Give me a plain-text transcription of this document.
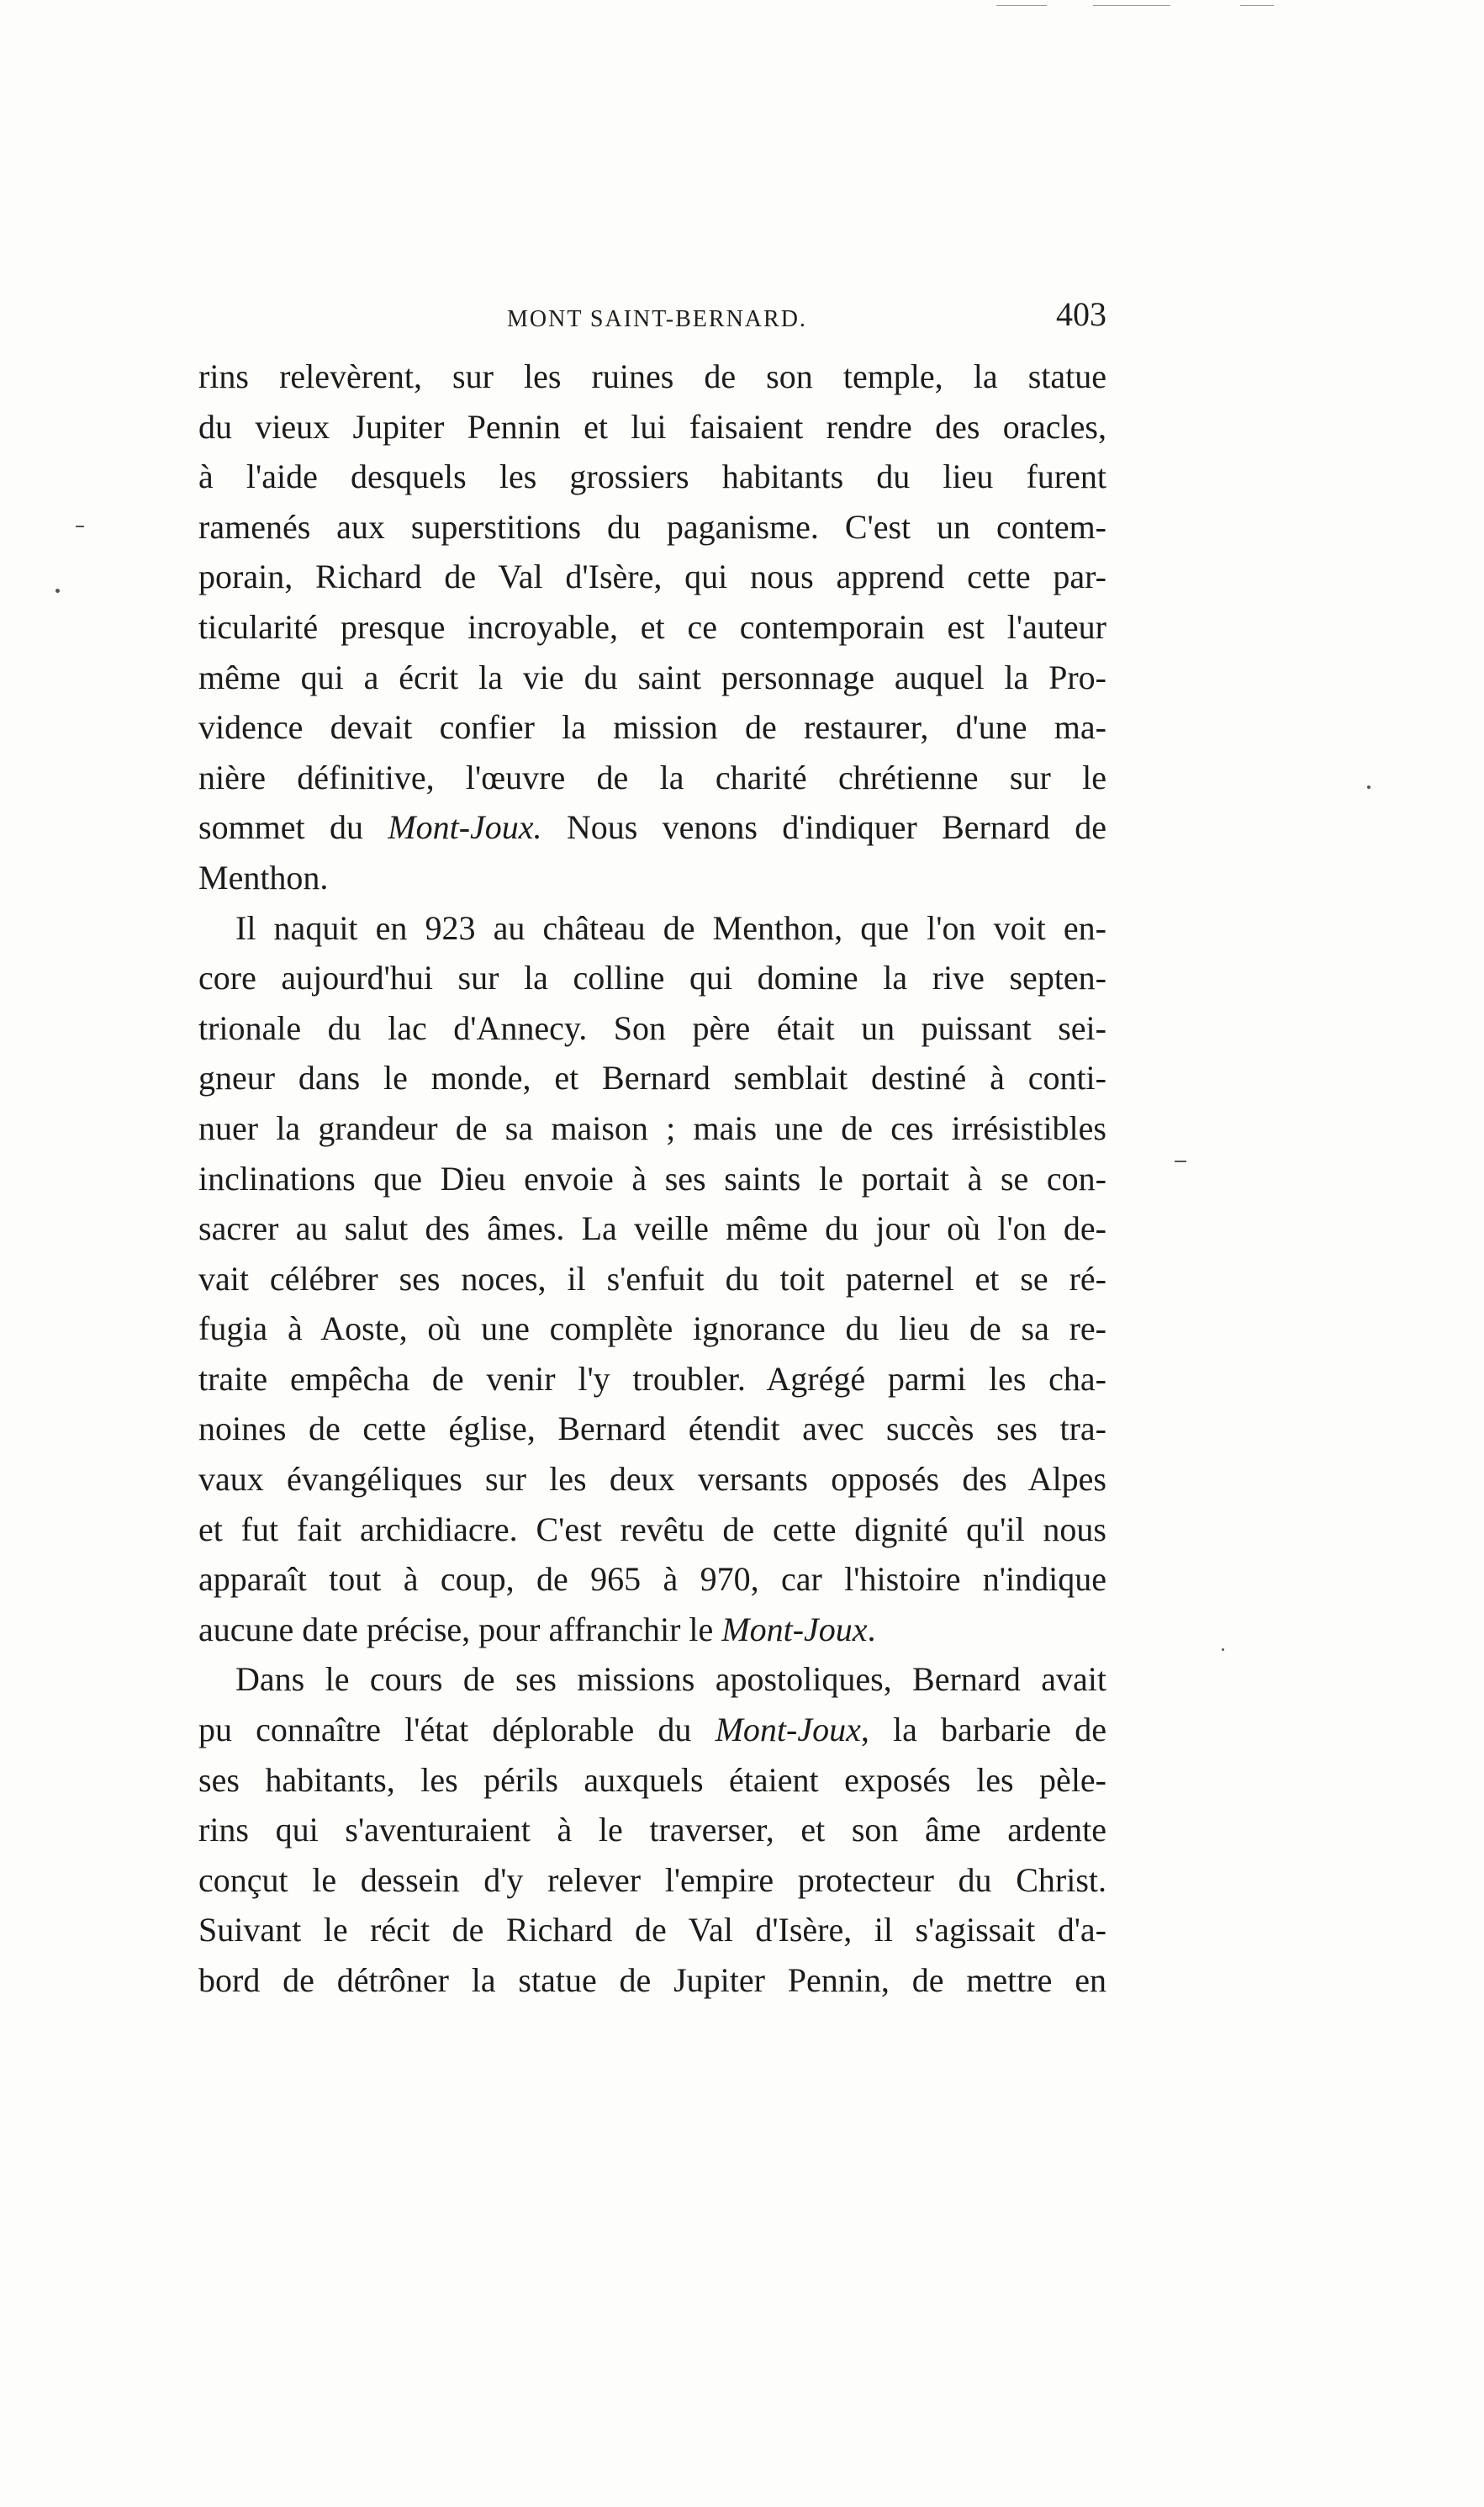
MONT SAINT-BERNARD.	403
rins relevèrent, sur les ruines de son temple, la statue
du vieux Jupiter Pennin et lui faisaient rendre des oracles,
à l'aide desquels les grossiers habitants du lieu furent
ramenés aux superstitions du paganisme. C'est un contem-
porain, Richard de Val d'Isère, qui nous apprend cette par-
ticularité presque incroyable, et ce contemporain est l'auteur
même qui a écrit la vie du saint personnage auquel la Pro-
vidence devait confier la mission de restaurer, d'une ma-
nière définitive, l'œuvre de la charité chrétienne sur le
sommet du Mont-Joux. Nous venons d'indiquer Bernard de
Menthon.
Il naquit en 923 au château de Menthon, que l'on voit en-
core aujourd'hui sur la colline qui domine la rive septen-
trionale du lac d'Annecy. Son père était un puissant sei-
gneur dans le monde, et Bernard semblait destiné à conti-
nuer la grandeur de sa maison ; mais une de ces irrésistibles
inclinations que Dieu envoie à ses saints le portait à se con-
sacrer au salut des âmes. La veille même du jour où l'on de-
vait célébrer ses noces, il s'enfuit du toit paternel et se ré-
fugia à Aoste, où une complète ignorance du lieu de sa re-
traite empêcha de venir l'y troubler. Agrégé parmi les cha-
noines de cette église, Bernard étendit avec succès ses tra-
vaux évangéliques sur les deux versants opposés des Alpes
et fut fait archidiacre. C'est revêtu de cette dignité qu'il nous
apparaît tout à coup, de 965 à 970, car l'histoire n'indique
aucune date précise, pour affranchir le Mont-Joux.
Dans le cours de ses missions apostoliques, Bernard avait
pu connaître l'état déplorable du Mont-Joux, la barbarie de
ses habitants, les périls auxquels étaient exposés les pèle-
rins qui s'aventuraient à le traverser, et son âme ardente
conçut le dessein d'y relever l'empire protecteur du Christ.
Suivant le récit de Richard de Val d'Isère, il s'agissait d'a-
bord de détrôner la statue de Jupiter Pennin, de mettre en
